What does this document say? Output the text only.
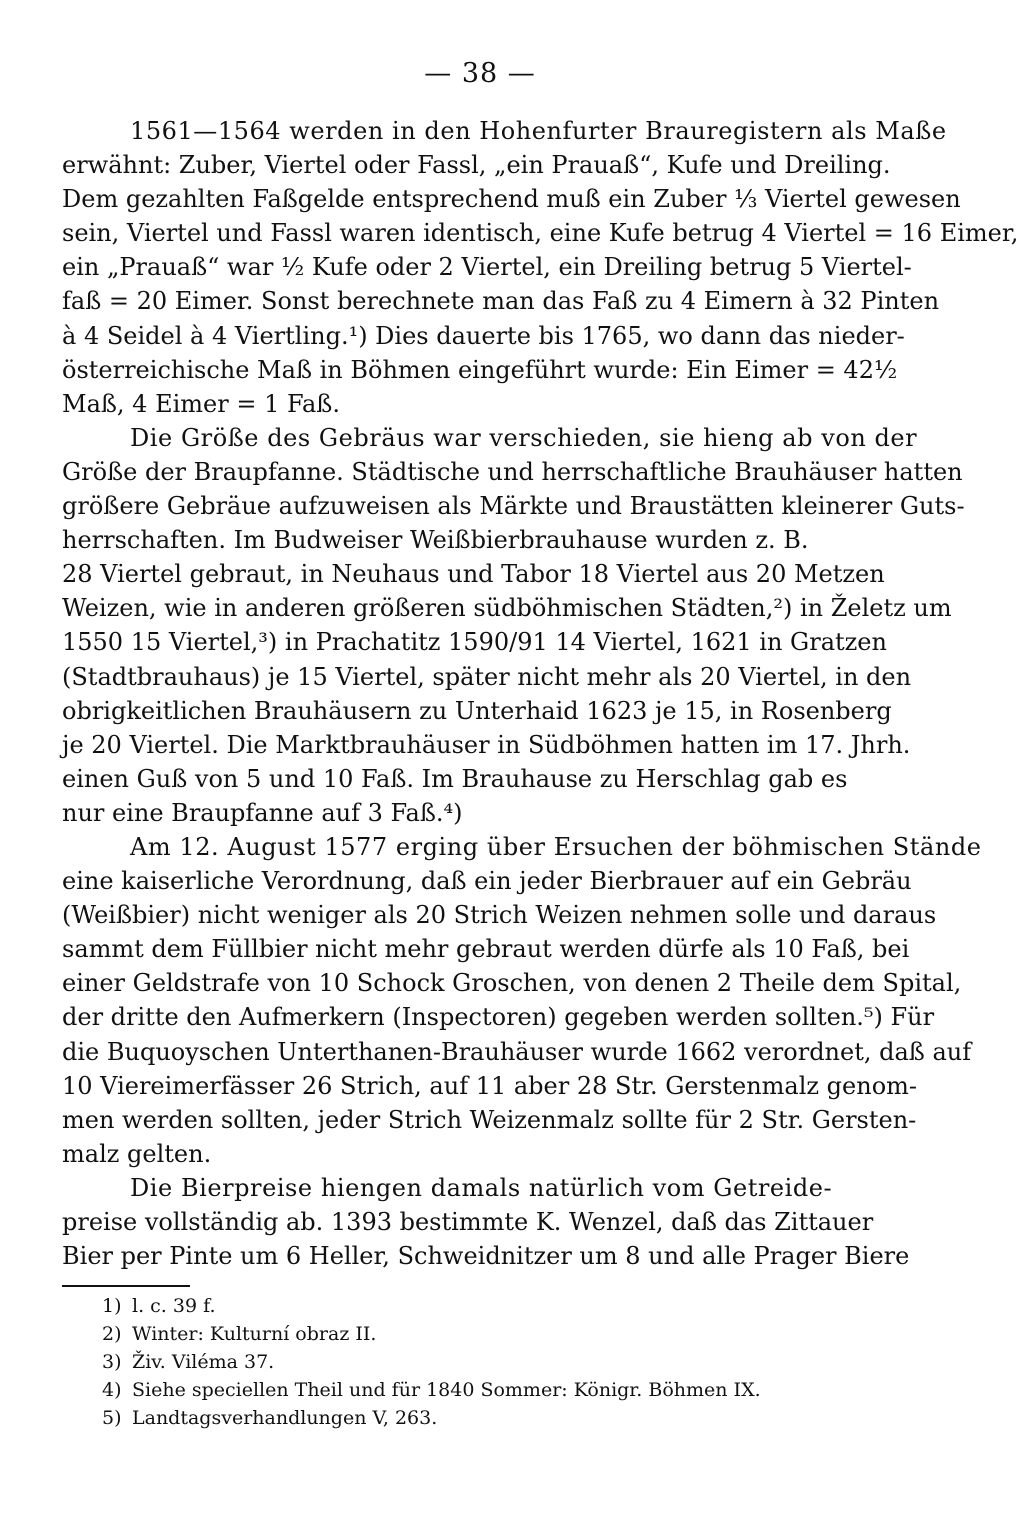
— 38 —
1561—1564 werden in den Hohenfurter Brauregistern als Maße
erwähnt: Zuber, Viertel oder Fassl, „ein Prauaß“, Kufe und Dreiling.
Dem gezahlten Faßgelde entsprechend muß ein Zuber ⅓ Viertel gewesen
sein, Viertel und Fassl waren identisch, eine Kufe betrug 4 Viertel = 16 Eimer,
ein „Prauaß“ war ½ Kufe oder 2 Viertel, ein Dreiling betrug 5 Viertel-
faß = 20 Eimer. Sonst berechnete man das Faß zu 4 Eimern à 32 Pinten
à 4 Seidel à 4 Viertling.¹) Dies dauerte bis 1765, wo dann das nieder-
österreichische Maß in Böhmen eingeführt wurde: Ein Eimer = 42½
Maß, 4 Eimer = 1 Faß.
Die Größe des Gebräus war verschieden, sie hieng ab von der
Größe der Braupfanne. Städtische und herrschaftliche Brauhäuser hatten
größere Gebräue aufzuweisen als Märkte und Braustätten kleinerer Guts-
herrschaften. Im Budweiser Weißbierbrauhause wurden z. B.
28 Viertel gebraut, in Neuhaus und Tabor 18 Viertel aus 20 Metzen
Weizen, wie in anderen größeren südböhmischen Städten,²) in Želetz um
1550 15 Viertel,³) in Prachatitz 1590/91 14 Viertel, 1621 in Gratzen
(Stadtbrauhaus) je 15 Viertel, später nicht mehr als 20 Viertel, in den
obrigkeitlichen Brauhäusern zu Unterhaid 1623 je 15, in Rosenberg
je 20 Viertel. Die Marktbrauhäuser in Südböhmen hatten im 17. Jhrh.
einen Guß von 5 und 10 Faß. Im Brauhause zu Herschlag gab es
nur eine Braupfanne auf 3 Faß.⁴)
Am 12. August 1577 erging über Ersuchen der böhmischen Stände
eine kaiserliche Verordnung, daß ein jeder Bierbrauer auf ein Gebräu
(Weißbier) nicht weniger als 20 Strich Weizen nehmen solle und daraus
sammt dem Füllbier nicht mehr gebraut werden dürfe als 10 Faß, bei
einer Geldstrafe von 10 Schock Groschen, von denen 2 Theile dem Spital,
der dritte den Aufmerkern (Inspectoren) gegeben werden sollten.⁵) Für
die Buquoyschen Unterthanen-Brauhäuser wurde 1662 verordnet, daß auf
10 Viereimerfässer 26 Strich, auf 11 aber 28 Str. Gerstenmalz genom-
men werden sollten, jeder Strich Weizenmalz sollte für 2 Str. Gersten-
malz gelten.
Die Bierpreise hiengen damals natürlich vom Getreide-
preise vollständig ab. 1393 bestimmte K. Wenzel, daß das Zittauer
Bier per Pinte um 6 Heller, Schweidnitzer um 8 und alle Prager Biere
1) l. c. 39 f.
2) Winter: Kulturní obraz II.
3) Živ. Viléma 37.
4) Siehe speciellen Theil und für 1840 Sommer: Königr. Böhmen IX.
5) Landtagsverhandlungen V, 263.
